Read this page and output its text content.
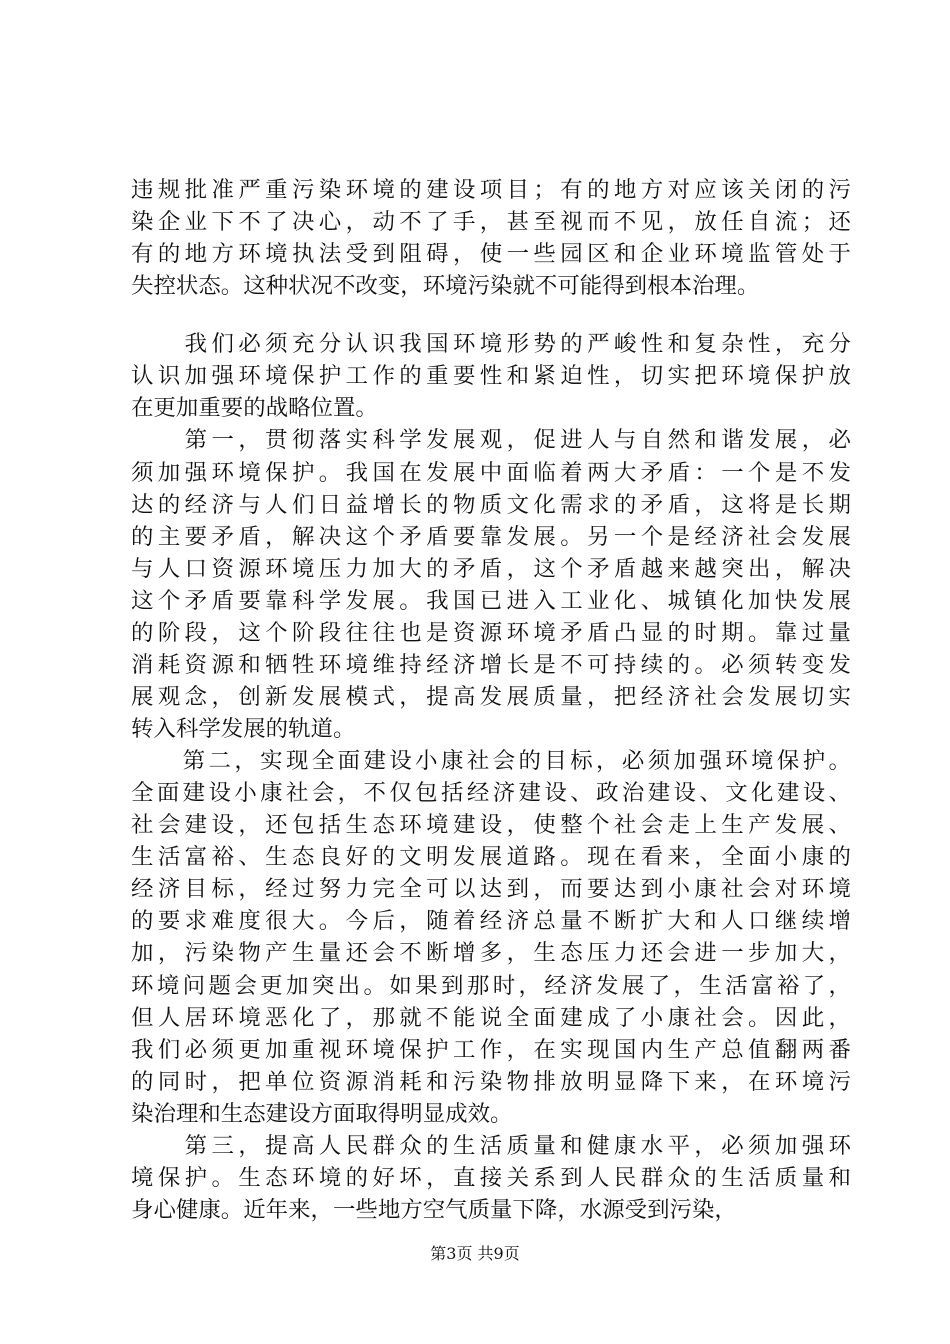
违规批准严重污染环境的建设项目；有的地方对应该关闭的污
染企业下不了决心，动不了手，甚至视而不见，放任自流；还
有的地方环境执法受到阻碍，使一些园区和企业环境监管处于
失控状态。这种状况不改变，环境污染就不可能得到根本治理。
　　我们必须充分认识我国环境形势的严峻性和复杂性，充分
认识加强环境保护工作的重要性和紧迫性，切实把环境保护放
在更加重要的战略位置。
　　第一，贯彻落实科学发展观，促进人与自然和谐发展，必
须加强环境保护。我国在发展中面临着两大矛盾：一个是不发
达的经济与人们日益增长的物质文化需求的矛盾，这将是长期
的主要矛盾，解决这个矛盾要靠发展。另一个是经济社会发展
与人口资源环境压力加大的矛盾，这个矛盾越来越突出，解决
这个矛盾要靠科学发展。我国已进入工业化、城镇化加快发展
的阶段，这个阶段往往也是资源环境矛盾凸显的时期。靠过量
消耗资源和牺牲环境维持经济增长是不可持续的。必须转变发
展观念，创新发展模式，提高发展质量，把经济社会发展切实
转入科学发展的轨道。
　　第二，实现全面建设小康社会的目标，必须加强环境保护。
全面建设小康社会，不仅包括经济建设、政治建设、文化建设、
社会建设，还包括生态环境建设，使整个社会走上生产发展、
生活富裕、生态良好的文明发展道路。现在看来，全面小康的
经济目标，经过努力完全可以达到，而要达到小康社会对环境
的要求难度很大。今后，随着经济总量不断扩大和人口继续增
加，污染物产生量还会不断增多，生态压力还会进一步加大，
环境问题会更加突出。如果到那时，经济发展了，生活富裕了，
但人居环境恶化了，那就不能说全面建成了小康社会。因此，
我们必须更加重视环境保护工作，在实现国内生产总值翻两番
的同时，把单位资源消耗和污染物排放明显降下来，在环境污
染治理和生态建设方面取得明显成效。
第3页 共9页
　　第三，提高人民群众的生活质量和健康水平，必须加强环
境保护。生态环境的好坏，直接关系到人民群众的生活质量和
身心健康。近年来，一些地方空气质量下降，水源受到污染，
